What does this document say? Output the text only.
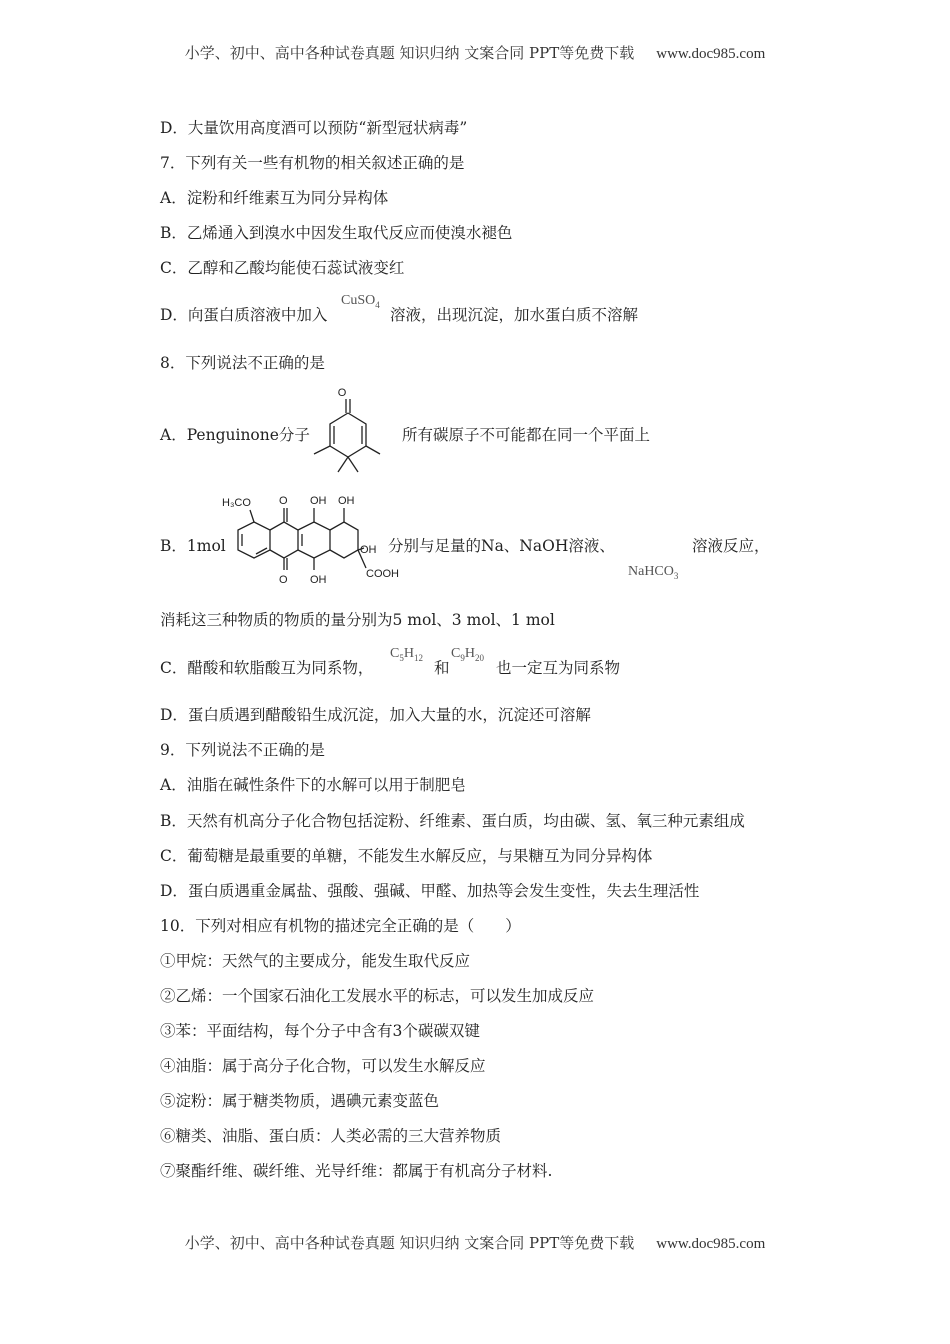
小学、初中、高中各种试卷真题 知识归纳 文案合同 PPT等免费下载 www.doc985.com
D．大量饮用高度酒可以预防“新型冠状病毒”
7．下列有关一些有机物的相关叙述正确的是
A．淀粉和纤维素互为同分异构体
B．乙烯通入到溴水中因发生取代反应而使溴水褪色
C．乙醇和乙酸均能使石蕊试液变红
D．向蛋白质溶液中加入
CuSO$_4$
溶液，出现沉淀，加水蛋白质不溶解
8．下列说法不正确的是
A．Penguinone分子
O
所有碳原子不可能都在同一个平面上
B．1mol
H₃CO	O OH OH
OH
COOH
O OH
分别与足量的Na、NaOH溶液、	溶液反应，
NaHCO$_3$
消耗这三种物质的物质的量分别为5 mol、3 mol、1 mol
C．醋酸和软脂酸互为同系物，
$C_5H_{12}$
和
$C_9H_{20}$
也一定互为同系物
D．蛋白质遇到醋酸铅生成沉淀，加入大量的水，沉淀还可溶解
9．下列说法不正确的是
A．油脂在碱性条件下的水解可以用于制肥皂
B．天然有机高分子化合物包括淀粉、纤维素、蛋白质，均由碳、氢、氧三种元素组成
C．葡萄糖是最重要的单糖，不能发生水解反应，与果糖互为同分异构体
D．蛋白质遇重金属盐、强酸、强碱、甲醛、加热等会发生变性，失去生理活性
10．下列对相应有机物的描述完全正确的是（　　）
①甲烷：天然气的主要成分，能发生取代反应
②乙烯：一个国家石油化工发展水平的标志，可以发生加成反应
③苯：平面结构，每个分子中含有3个碳碳双键
④油脂：属于高分子化合物，可以发生水解反应
⑤淀粉：属于糖类物质，遇碘元素变蓝色
⑥糖类、油脂、蛋白质：人类必需的三大营养物质
⑦聚酯纤维、碳纤维、光导纤维：都属于有机高分子材料.
小学、初中、高中各种试卷真题 知识归纳 文案合同 PPT等免费下载 www.doc985.com
